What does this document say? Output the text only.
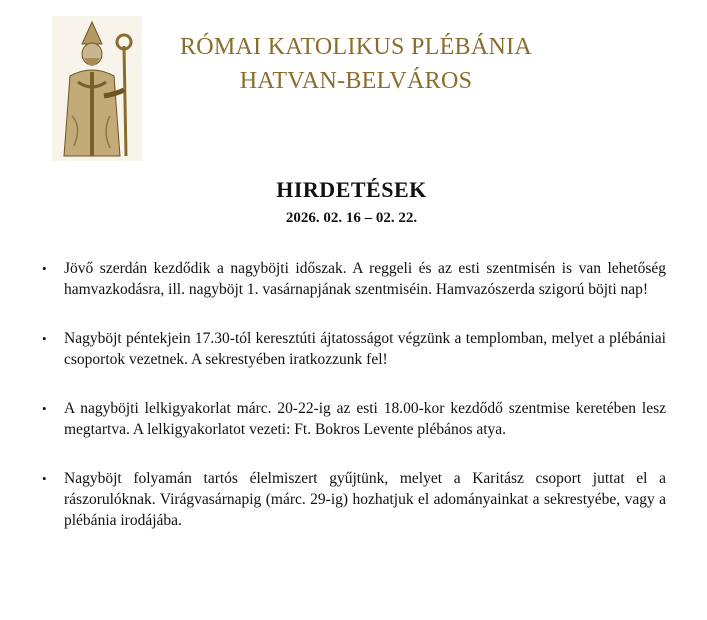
RÓMAI KATOLIKUS PLÉBÁNIA
HATVAN-BELVÁROS
HIRDETÉSEK
2026. 02. 16 – 02. 22.
• Jövő szerdán kezdődik a nagyböjti időszak. A reggeli és az esti szentmisén is van lehetőség hamvazkodásra, ill. nagyböjt 1. vasárnapjának szentmiséin. Hamvazószerda szigorú böjti nap!
• Nagyböjt péntekjein 17.30-tól keresztúti ájtatosságot végzünk a templomban, melyet a plébániai csoportok vezetnek. A sekrestyében iratkozzunk fel!
• A nagyböjti lelkigyakorlat márc. 20-22-ig az esti 18.00-kor kezdődő szentmise keretében lesz megtartva. A lelkigyakorlatot vezeti: Ft. Bokros Levente plébános atya.
• Nagyböjt folyamán tartós élelmiszert gyűjtünk, melyet a Karitász csoport juttat el a rászorulóknak. Virágvasárnapig (márc. 29-ig) hozhatjuk el adományainkat a sekrestyébe, vagy a plébánia irodájába.
